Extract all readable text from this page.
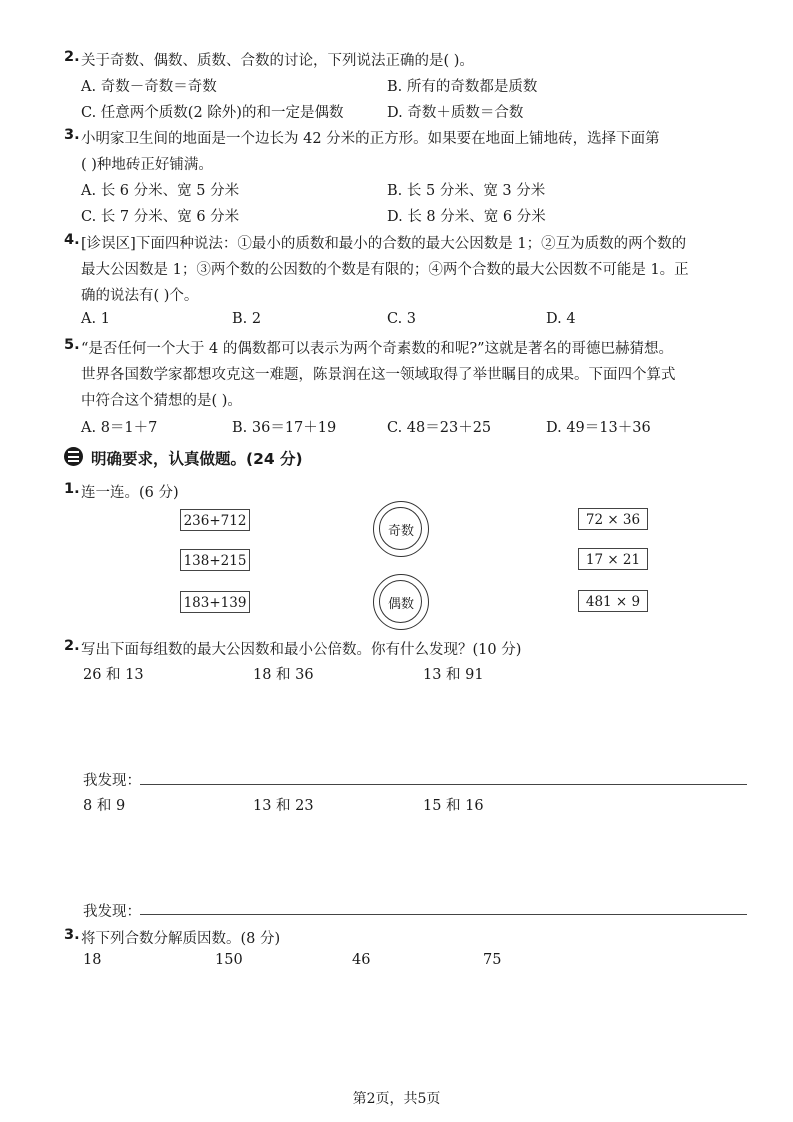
2. 关于奇数、偶数、质数、合数的讨论，下列说法正确的是( )。
A. 奇数－奇数＝奇数	B. 所有的奇数都是质数
C. 任意两个质数(2 除外)的和一定是偶数	D. 奇数＋质数＝合数
3. 小明家卫生间的地面是一个边长为 42 分米的正方形。如果要在地面上铺地砖，选择下面第
( )种地砖正好铺满。
A. 长 6 分米、宽 5 分米	B. 长 5 分米、宽 3 分米
C. 长 7 分米、宽 6 分米	D. 长 8 分米、宽 6 分米
4. [诊误区]下面四种说法：①最小的质数和最小的合数的最大公因数是 1；②互为质数的两个数的
最大公因数是 1；③两个数的公因数的个数是有限的；④两个合数的最大公因数不可能是 1。正
确的说法有( )个。
A. 1	B. 2	C. 3	D. 4
5. “是否任何一个大于 4 的偶数都可以表示为两个奇素数的和呢?”这就是著名的哥德巴赫猜想。
世界各国数学家都想攻克这一难题，陈景润在这一领域取得了举世瞩目的成果。下面四个算式
中符合这个猜想的是( )。
A. 8＝1＋7	B. 36＝17＋19	C. 48＝23＋25	D. 49＝13＋36
明确要求，认真做题。(24 分)
1. 连一连。(6 分)
236+712
138+215
183+139
奇数
偶数
72 × 36
17 × 21
481 × 9
2. 写出下面每组数的最大公因数和最小公倍数。你有什么发现？(10 分)
26 和 13	18 和 36	13 和 91
我发现：
8 和 9	13 和 23	15 和 16
我发现：
3. 将下列合数分解质因数。(8 分)
18	150	46	75
第2页，共5页
